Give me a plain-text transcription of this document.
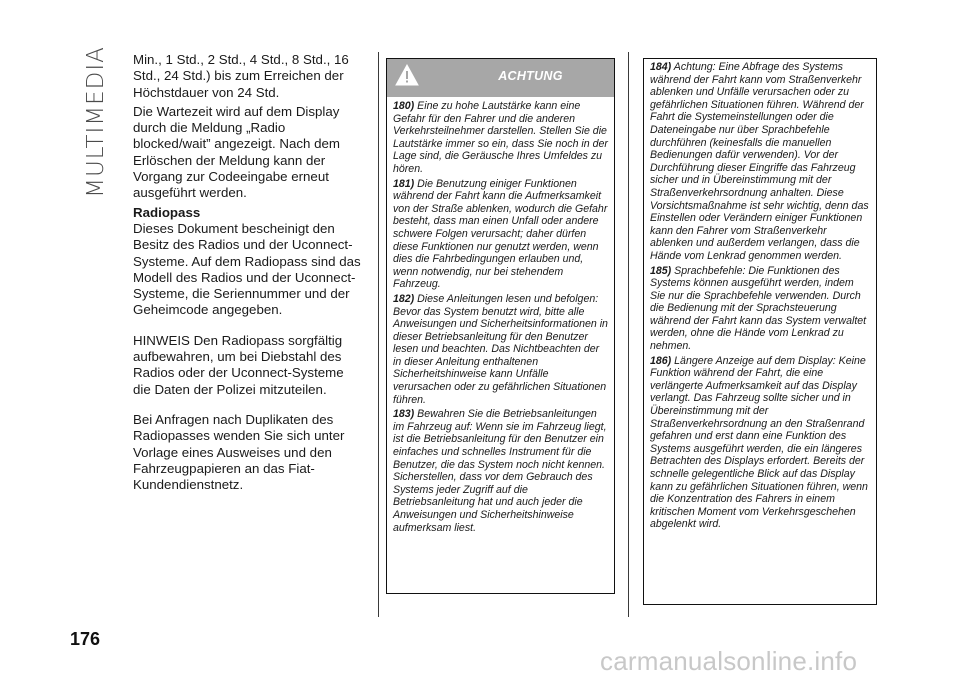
MULTIMEDIA Min., 1 Std., 2 Std., 4 Std., 8 Std., 16 Std., 24 Std.) bis zum Erreichen der Höchstdauer von 24 Std.

Die Wartezeit wird auf dem Display durch die Meldung „Radio blocked/wait” angezeigt. Nach dem Erlöschen der Meldung kann der Vorgang zur Codeeingabe erneut ausgeführt werden.

Radiopass

Dieses Dokument bescheinigt den Besitz des Radios und der Uconnect-Systeme. Auf dem Radiopass sind das Modell des Radios und der Uconnect-Systeme, die Seriennummer und der Geheimcode angegeben.

HINWEIS Den Radiopass sorgfältig aufbewahren, um bei Diebstahl des Radios oder der Uconnect-Systeme die Daten der Polizei mitzuteilen.

Bei Anfragen nach Duplikaten des Radiopasses wenden Sie sich unter Vorlage eines Ausweises und den Fahrzeugpapieren an das Fiat-Kundendienstnetz.

ACHTUNG

180) Eine zu hohe Lautstärke kann eine Gefahr für den Fahrer und die anderen Verkehrsteilnehmer darstellen. Stellen Sie die Lautstärke immer so ein, dass Sie noch in der Lage sind, die Geräusche Ihres Umfeldes zu hören.

181) Die Benutzung einiger Funktionen während der Fahrt kann die Aufmerksamkeit von der Straße ablenken, wodurch die Gefahr besteht, dass man einen Unfall oder andere schwere Folgen verursacht; daher dürfen diese Funktionen nur genutzt werden, wenn dies die Fahrbedingungen erlauben und, wenn notwendig, nur bei stehendem Fahrzeug.

182) Diese Anleitungen lesen und befolgen: Bevor das System benutzt wird, bitte alle Anweisungen und Sicherheitsinformationen in dieser Betriebsanleitung für den Benutzer lesen und beachten. Das Nichtbeachten der in dieser Anleitung enthaltenen Sicherheitshinweise kann Unfälle verursachen oder zu gefährlichen Situationen führen.

183) Bewahren Sie die Betriebsanleitungen im Fahrzeug auf: Wenn sie im Fahrzeug liegt, ist die Betriebsanleitung für den Benutzer ein einfaches und schnelles Instrument für die Benutzer, die das System noch nicht kennen. Sicherstellen, dass vor dem Gebrauch des Systems jeder Zugriff auf die Betriebsanleitung hat und auch jeder die Anweisungen und Sicherheitshinweise aufmerksam liest.

184) Achtung: Eine Abfrage des Systems während der Fahrt kann vom Straßenverkehr ablenken und Unfälle verursachen oder zu gefährlichen Situationen führen. Während der Fahrt die Systemeinstellungen oder die Dateneingabe nur über Sprachbefehle durchführen (keinesfalls die manuellen Bedienungen dafür verwenden). Vor der Durchführung dieser Eingriffe das Fahrzeug sicher und in Übereinstimmung mit der Straßenverkehrsordnung anhalten. Diese Vorsichtsmaßnahme ist sehr wichtig, denn das Einstellen oder Verändern einiger Funktionen kann den Fahrer vom Straßenverkehr ablenken und außerdem verlangen, dass die Hände vom Lenkrad genommen werden.

185) Sprachbefehle: Die Funktionen des Systems können ausgeführt werden, indem Sie nur die Sprachbefehle verwenden. Durch die Bedienung mit der Sprachsteuerung während der Fahrt kann das System verwaltet werden, ohne die Hände vom Lenkrad zu nehmen.

186) Längere Anzeige auf dem Display: Keine Funktion während der Fahrt, die eine verlängerte Aufmerksamkeit auf das Display verlangt. Das Fahrzeug sollte sicher und in Übereinstimmung mit der Straßenverkehrsordnung an den Straßenrand gefahren und erst dann eine Funktion des Systems ausgeführt werden, die ein längeres Betrachten des Displays erfordert. Bereits der schnelle gelegentliche Blick auf das Display kann zu gefährlichen Situationen führen, wenn die Konzentration des Fahrers in einem kritischen Moment vom Verkehrsgeschehen abgelenkt wird.

176
carmanualsonline.info
